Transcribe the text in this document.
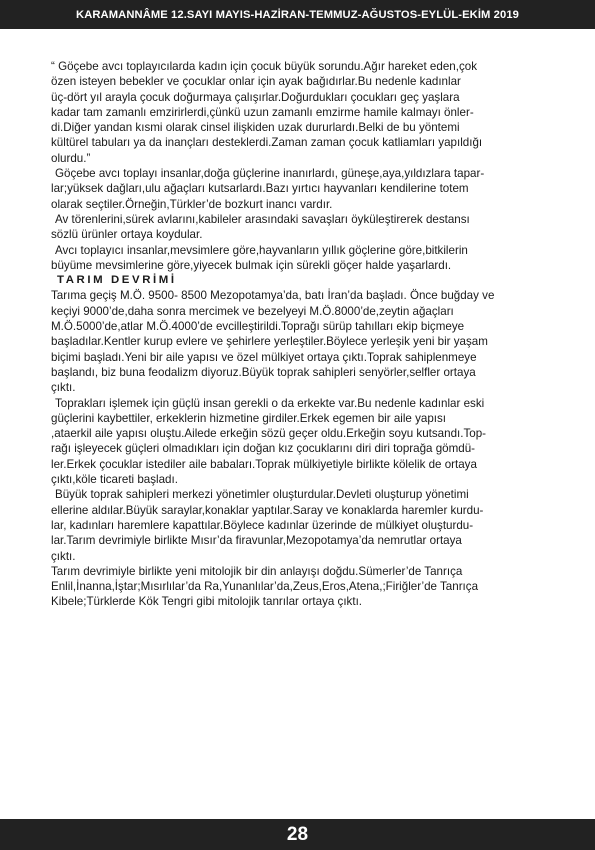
KARAMANNÂME 12.SAYI MAYIS-HAZİRAN-TEMMUZ-AĞUSTOS-EYLÜL-EKİM 2019
“ Göçebe avcı toplayıcılarda kadın için çocuk büyük sorundu.Ağır hareket eden,çok
özen isteyen bebekler ve çocuklar onlar için ayak bağıdırlar.Bu nedenle kadınlar
üç-dört yıl arayla çocuk doğurmaya çalışırlar.Doğurdukları çocukları geç yaşlara
kadar tam zamanlı emzirirlerdi,çünkü uzun zamanlı emzirme hamile kalmayı önler-
di.Diğer yandan kısmi olarak cinsel ilişkiden uzak dururlardı.Belki de bu yöntemi
kültürel tabuları ya da inançları desteklerdi.Zaman zaman çocuk katliamları yapıldığı
olurdu.”
Göçebe avcı toplayı insanlar,doğa güçlerine inanırlardı, güneşe,aya,yıldızlara tapar-
lar;yüksek dağları,ulu ağaçları kutsarlardı.Bazı yırtıcı hayvanları kendilerine totem
olarak seçtiler.Örneğin,Türkler’de bozkurt inancı vardır.
Av törenlerini,sürek avlarını,kabileler arasındaki savaşları öyküleştirerek destansı
sözlü ürünler ortaya koydular.
Avcı toplayıcı insanlar,mevsimlere göre,hayvanların yıllık göçlerine göre,bitkilerin
büyüme mevsimlerine göre,yiyecek bulmak için sürekli göçer halde yaşarlardı.
TARIM DEVRİMİ
Tarıma geçiş M.Ö. 9500- 8500 Mezopotamya’da, batı İran’da başladı. Önce buğday ve
keçiyi 9000’de,daha sonra mercimek ve bezelyeyi M.Ö.8000’de,zeytin ağaçları
M.Ö.5000’de,atlar M.Ö.4000’de evcilleştirildi.Toprağı sürüp tahılları ekip biçmeye
başladılar.Kentler kurup evlere ve şehirlere yerleştiler.Böylece yerleşik yeni bir yaşam
biçimi başladı.Yeni bir aile yapısı ve özel mülkiyet ortaya çıktı.Toprak sahiplenmeye
başlandı, biz buna feodalizm diyoruz.Büyük toprak sahipleri senyörler,selfler ortaya
çıktı.
Toprakları işlemek için güçlü insan gerekli o da erkekte var.Bu nedenle kadınlar eski
güçlerini kaybettiler, erkeklerin hizmetine girdiler.Erkek egemen bir aile yapısı
,ataerkil aile yapısı oluştu.Ailede erkeğin sözü geçer oldu.Erkeğin soyu kutsandı.Top-
rağı işleyecek güçleri olmadıkları için doğan kız çocuklarını diri diri toprağa gömdü-
ler.Erkek çocuklar istediler aile babaları.Toprak mülkiyetiyle birlikte kölelik de ortaya
çıktı,köle ticareti başladı.
Büyük toprak sahipleri merkezi yönetimler oluşturdular.Devleti oluşturup yönetimi
ellerine aldılar.Büyük saraylar,konaklar yaptılar.Saray ve konaklarda haremler kurdu-
lar, kadınları haremlere kapattılar.Böylece kadınlar üzerinde de mülkiyet oluşturdu-
lar.Tarım devrimiyle birlikte Mısır’da firavunlar,Mezopotamya’da nemrutlar ortaya
çıktı.
Tarım devrimiyle birlikte yeni mitolojik bir din anlayışı doğdu.Sümerler’de Tanrıça
Enlil,İnanna,İştar;Mısırlılar’da Ra,Yunanlılar’da,Zeus,Eros,Atena,;Firiğler’de Tanrıça
Kibele;Türklerde Kök Tengri gibi mitolojik tanrılar ortaya çıktı.
28
